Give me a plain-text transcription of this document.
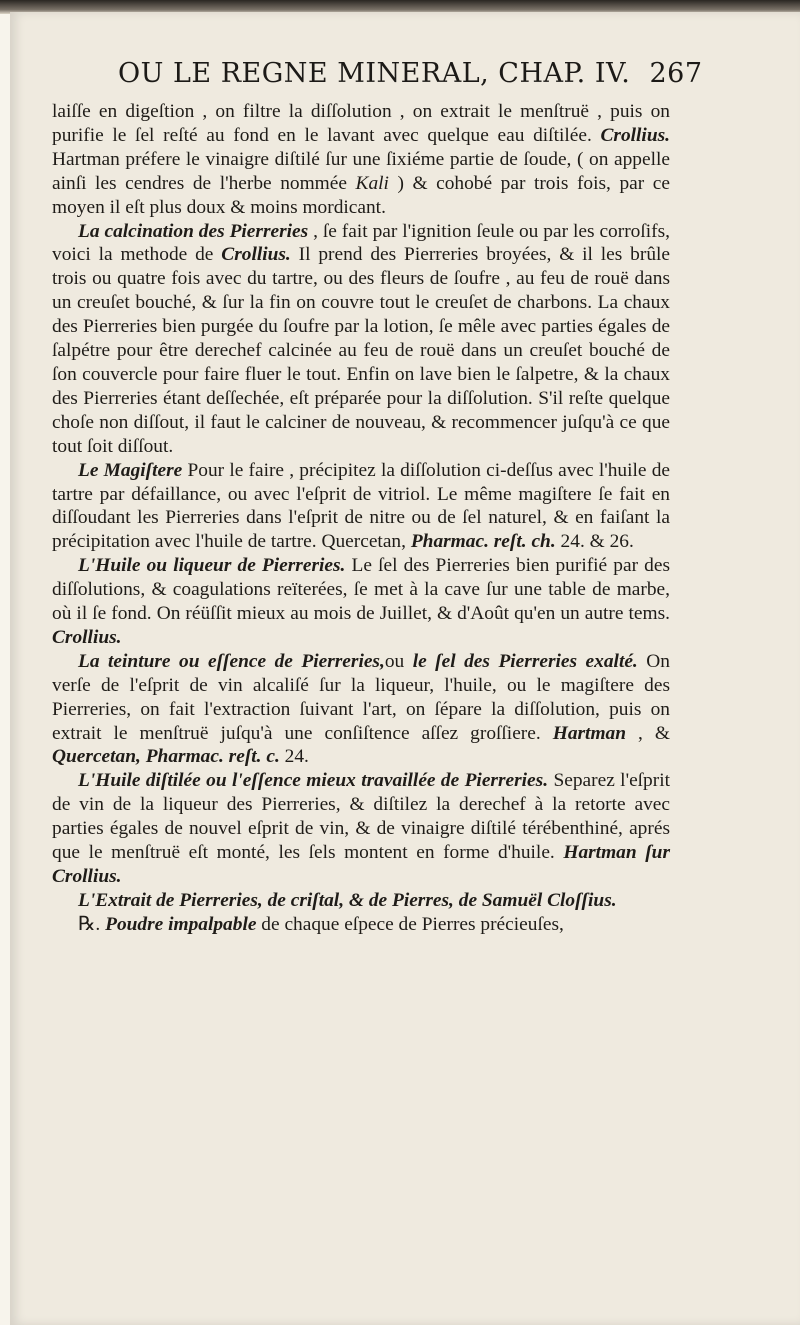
OU LE REGNE MINERAL, CHAP. IV. 267

laiſſe en digeſtion , on filtre la diſſolution , on extrait le menſtruë , puis on purifie le ſel reſté au fond en le lavant avec quelque eau diſtilée. Crollius. Hartman préfere le vinaigre diſtilé ſur une ſixiéme partie de ſoude, ( on appelle ainſi les cendres de l'herbe nommée Kali ) & cohobé par trois fois, par ce moyen il eſt plus doux & moins mordicant.

La calcination des Pierreries , ſe fait par l'ignition ſeule ou par les corroſifs, voici la methode de Crollius. Il prend des Pierreries broyées, & il les brûle trois ou quatre fois avec du tartre, ou des fleurs de ſoufre , au feu de rouë dans un creuſet bouché, & ſur la fin on couvre tout le creuſet de charbons. La chaux des Pierreries bien purgée du ſoufre par la lotion, ſe mêle avec parties égales de ſalpétre pour être derechef calcinée au feu de rouë dans un creuſet bouché de ſon couvercle pour faire fluer le tout. Enfin on lave bien le ſalpetre, & la chaux des Pierreries étant deſſechée, eſt préparée pour la diſſolution. S'il reſte quelque choſe non diſſout, il faut le calciner de nouveau, & recommencer juſqu'à ce que tout ſoit diſſout.

Le Magiſtere Pour le faire , précipitez la diſſolution ci-deſſus avec l'huile de tartre par défaillance, ou avec l'eſprit de vitriol. Le même magiſtere ſe fait en diſſoudant les Pierreries dans l'eſprit de nitre ou de ſel naturel, & en faiſant la précipitation avec l'huile de tartre. Quercetan, Pharmac. reſt. ch. 24. & 26.

L'Huile ou liqueur de Pierreries. Le ſel des Pierreries bien purifié par des diſſolutions, & coagulations reïterées, ſe met à la cave ſur une table de marbe, où il ſe fond. On réüſſit mieux au mois de Juillet, & d'Août qu'en un autre tems. Crollius.

La teinture ou eſſence de Pierreries,ou le ſel des Pierreries exalté. On verſe de l'eſprit de vin alcaliſé ſur la liqueur, l'huile, ou le magiſtere des Pierreries, on fait l'extraction ſuivant l'art, on ſépare la diſſolution, puis on extrait le menſtruë juſqu'à une conſiſtence aſſez groſſiere. Hartman , & Quercetan, Pharmac. reſt. c. 24.

L'Huile diſtilée ou l'eſſence mieux travaillée de Pierreries. Separez l'eſprit de vin de la liqueur des Pierreries, & diſtilez la derechef à la retorte avec parties égales de nouvel eſprit de vin, & de vinaigre diſtilé térébenthiné, aprés que le menſtruë eſt monté, les ſels montent en forme d'huile. Hartman ſur Crollius.

L'Extrait de Pierreries, de criſtal, & de Pierres, de Samuël Cloſſius.

℞. Poudre impalpable de chaque eſpece de Pierres précieuſes,
